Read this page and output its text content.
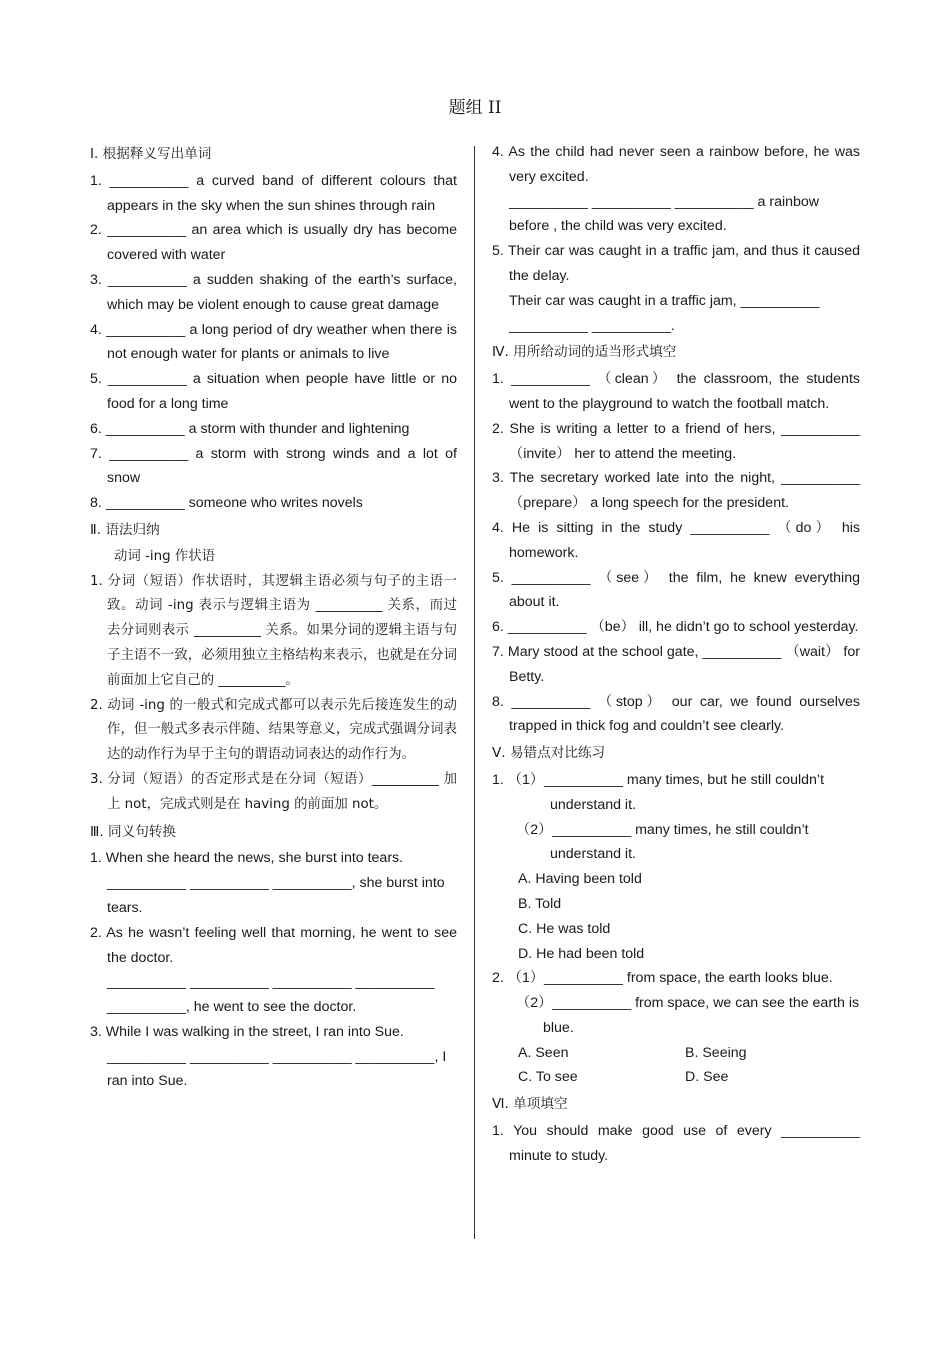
题组 II
Ⅰ. 根据释义写出单词
1. __________ a curved band of different colours that appears in the sky when the sun shines through rain
2. __________ an area which is usually dry has become covered with water
3. __________ a sudden shaking of the earth’s surface, which may be violent enough to cause great damage
4. __________ a long period of dry weather when there is not enough water for plants or animals to live
5. __________ a situation when people have little or no food for a long time
6. __________ a storm with thunder and lightening
7. __________ a storm with strong winds and a lot of snow
8. __________ someone who writes novels
Ⅱ. 语法归纳
动词 -ing 作状语
1. 分词（短语）作状语时，其逻辑主语必须与句子的主语一致。动词 -ing 表示与逻辑主语为 __________ 关系，而过去分词则表示 __________ 关系。如果分词的逻辑主语与句子主语不一致，必须用独立主格结构来表示，也就是在分词前面加上它自己的 __________。
2. 动词 -ing 的一般式和完成式都可以表示先后接连发生的动作，但一般式多表示伴随、结果等意义，完成式强调分词表达的动作行为早于主句的谓语动词表达的动作行为。
3. 分词（短语）的否定形式是在分词（短语）__________ 加上 not，完成式则是在 having 的前面加 not。
Ⅲ. 同义句转换
1. When she heard the news, she burst into tears.
__________ __________ __________, she burst into tears.
2. As he wasn’t feeling well that morning, he went to see the doctor.
__________ __________ __________ __________ __________, he went to see the doctor.
3. While I was walking in the street, I ran into Sue.
__________ __________ __________ __________, I ran into Sue.
4. As the child had never seen a rainbow before, he was very excited.
__________ __________ __________ a rainbow before , the child was very excited.
5. Their car was caught in a traffic jam, and thus it caused the delay.
Their car was caught in a traffic jam, __________ __________ __________.
Ⅳ. 用所给动词的适当形式填空
1. __________ （clean） the classroom, the students went to the playground to watch the football match.
2. She is writing a letter to a friend of hers, __________ （invite） her to attend the meeting.
3. The secretary worked late into the night, __________ （prepare） a long speech for the president.
4. He is sitting in the study __________ （do） his homework.
5. __________ （see） the film, he knew everything about it.
6. __________ （be） ill, he didn’t go to school yesterday.
7. Mary stood at the school gate, __________ （wait） for Betty.
8. __________ （stop） our car, we found ourselves trapped in thick fog and couldn’t see clearly.
Ⅴ. 易错点对比练习
1. （1）__________ many times, but he still couldn’t understand it.
（2）__________ many times, he still couldn’t understand it.
A. Having been told
B. Told
C. He was told
D. He had been told
2. （1）__________ from space, the earth looks blue.
（2）__________ from space, we can see the earth is blue.
A. Seen	B. Seeing
C. To see	D. See
Ⅵ. 单项填空
1. You should make good use of every __________ minute to study.
